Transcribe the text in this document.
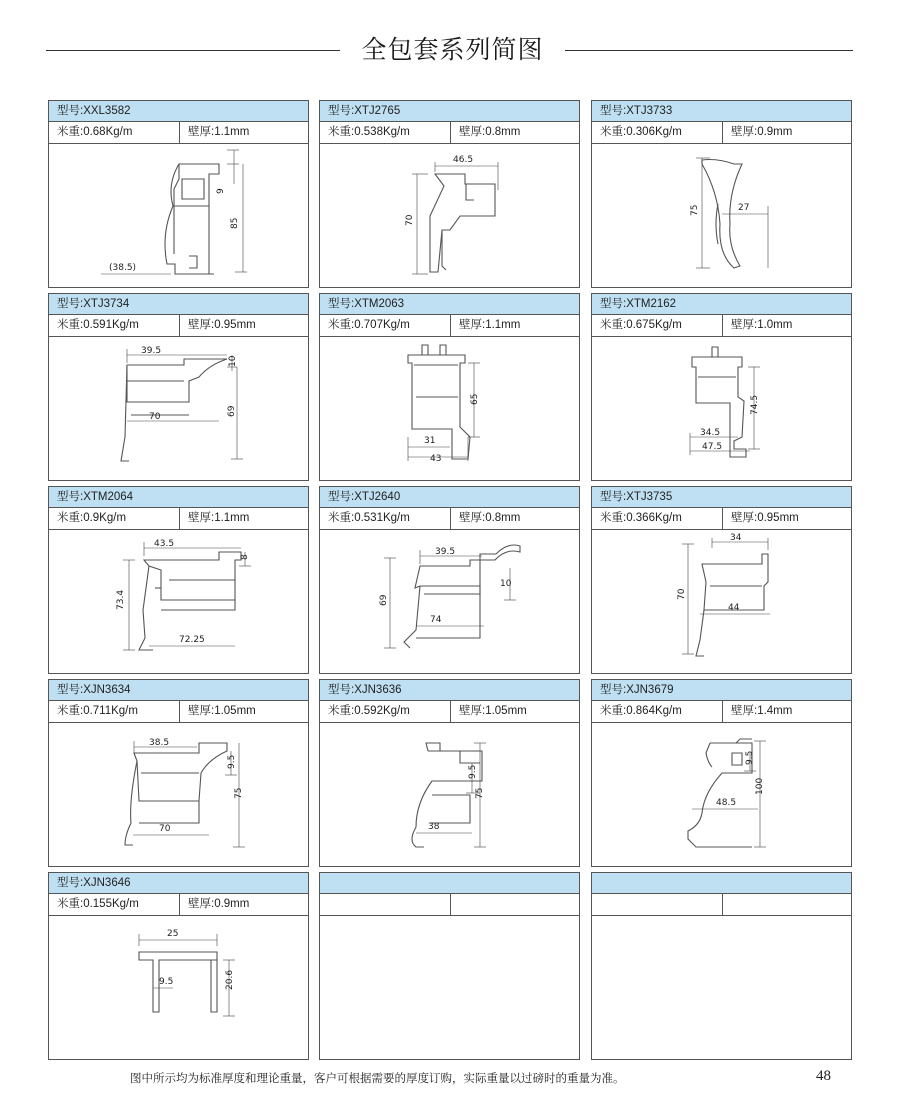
全包套系列简图
型号:XXL3582
米重:0.68Kg/m	壁厚:1.1mm
9
85
(38.5)
型号:XTJ2765
米重:0.538Kg/m	壁厚:0.8mm
46.5
70
型号:XTJ3733
米重:0.306Kg/m	壁厚:0.9mm
75	27
型号:XTJ3734
米重:0.591Kg/m	壁厚:0.95mm
39.5
10
69
70
型号:XTM2063
米重:0.707Kg/m	壁厚:1.1mm
65
31
43
型号:XTM2162
米重:0.675Kg/m	壁厚:1.0mm
74.5
34.5
47.5
型号:XTM2064
米重:0.9Kg/m	壁厚:1.1mm
43.5
8
73.4
72.25
型号:XTJ2640
米重:0.531Kg/m	壁厚:0.8mm
39.5
10
69
74
型号:XTJ3735
米重:0.366Kg/m	壁厚:0.95mm
34
70
44
型号:XJN3634
米重:0.711Kg/m	壁厚:1.05mm
38.5
9.5
75
70
型号:XJN3636
米重:0.592Kg/m	壁厚:1.05mm
9.5
75
38
型号:XJN3679
米重:0.864Kg/m	壁厚:1.4mm
9.5
100
48.5
型号:XJN3646
米重:0.155Kg/m	壁厚:0.9mm
25
9.5	20.6
图中所示均为标准厚度和理论重量，客户可根据需要的厚度订购，实际重量以过磅时的重量为准。	48
